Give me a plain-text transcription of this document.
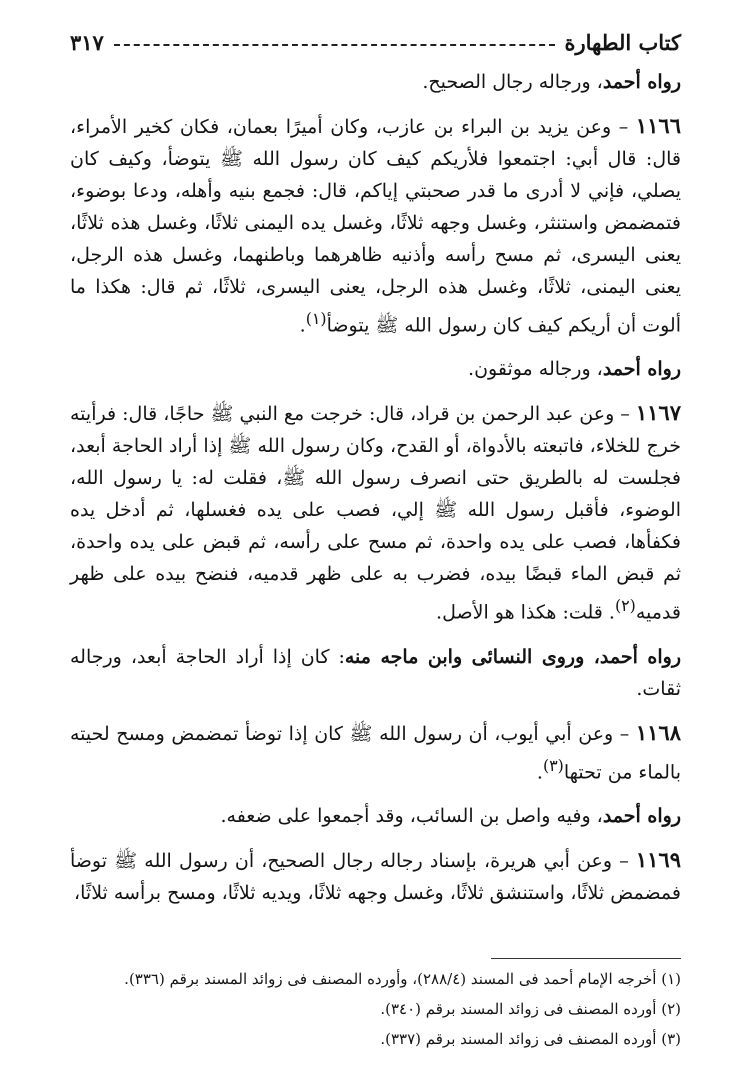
كتاب الطهارة
٣١٧

رواه أحمد، ورجاله رجال الصحيح.

١١٦٦ – وعن يزيد بن البراء بن عازب، وكان أميرًا بعمان، فكان كخير الأمراء، قال: قال أبي: اجتمعوا فلأريكم كيف كان رسول الله ﷺ يتوضأ، وكيف كان يصلي، فإني لا أدرى ما قدر صحبتي إياكم، قال: فجمع بنيه وأهله، ودعا بوضوء، فتمضمض واستنثر، وغسل وجهه ثلاثًا، وغسل يده اليمنى ثلاثًا، وغسل هذه ثلاثًا، يعنى اليسرى، ثم مسح رأسه وأذنيه ظاهرهما وباطنهما، وغسل هذه الرجل، يعنى اليمنى، ثلاثًا، وغسل هذه الرجل، يعنى اليسرى، ثلاثًا، ثم قال: هكذا ما ألوت أن أريكم كيف كان رسول الله ﷺ يتوضأ$^{(١)}$.

رواه أحمد، ورجاله موثقون.

١١٦٧ – وعن عبد الرحمن بن قراد، قال: خرجت مع النبي ﷺ حاجًا، قال: فرأيته خرج للخلاء، فاتبعته بالأدواة، أو القدح، وكان رسول الله ﷺ إذا أراد الحاجة أبعد، فجلست له بالطريق حتى انصرف رسول الله ﷺ، فقلت له: يا رسول الله، الوضوء، فأقبل رسول الله ﷺ إلي، فصب على يده فغسلها، ثم أدخل يده فكفأها، فصب على يده واحدة، ثم مسح على رأسه، ثم قبض على يده واحدة، ثم قبض الماء قبضًا بيده، فضرب به على ظهر قدميه، فنضح بيده على ظهر قدميه$^{(٢)}$. قلت: هكذا هو الأصل.

رواه أحمد، وروى النسائى وابن ماجه منه: كان إذا أراد الحاجة أبعد، ورجاله ثقات.

١١٦٨ – وعن أبي أيوب، أن رسول الله ﷺ كان إذا توضأ تمضمض ومسح لحيته بالماء من تحتها$^{(٣)}$.

رواه أحمد، وفيه واصل بن السائب، وقد أجمعوا على ضعفه.

١١٦٩ – وعن أبي هريرة، بإسناد رجاله رجال الصحيح، أن رسول الله ﷺ توضأ فمضمض ثلاثًا، واستنشق ثلاثًا، وغسل وجهه ثلاثًا، ويديه ثلاثًا، ومسح برأسه ثلاثًا،

(١) أخرجه الإمام أحمد فى المسند (٢٨٨/٤)، وأورده المصنف فى زوائد المسند برقم (٣٣٦).
(٢) أورده المصنف فى زوائد المسند برقم (٣٤٠).
(٣) أورده المصنف فى زوائد المسند برقم (٣٣٧).
